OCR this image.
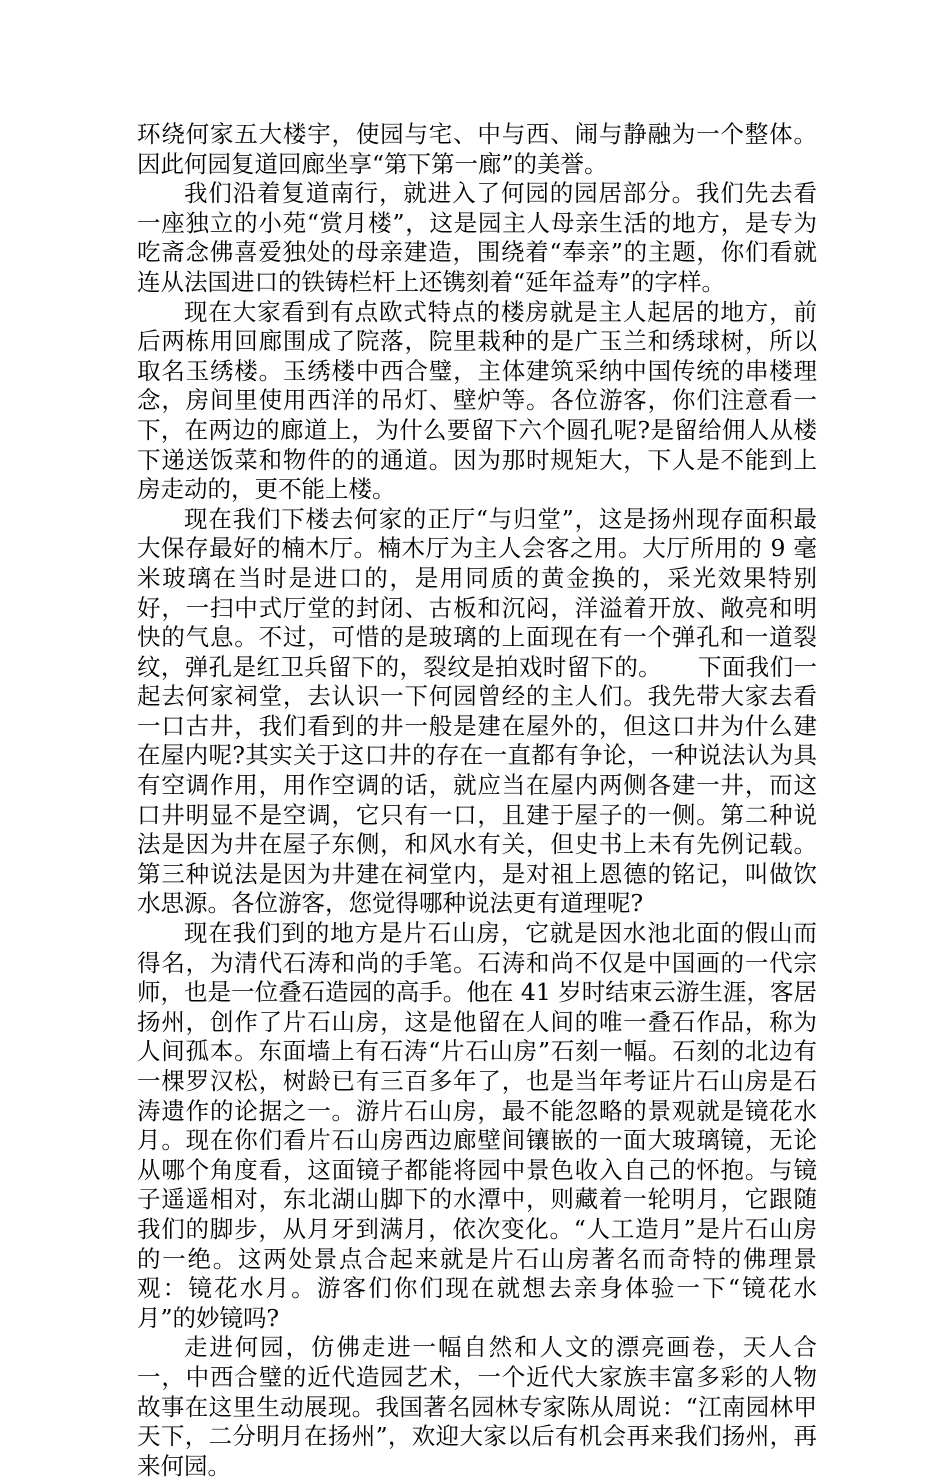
环绕何家五大楼宇，使园与宅、中与西、闹与静融为一个整体。因此何园复道回廊坐享“第下第一廊”的美誉。

我们沿着复道南行，就进入了何园的园居部分。我们先去看一座独立的小苑“赏月楼”，这是园主人母亲生活的地方，是专为吃斋念佛喜爱独处的母亲建造，围绕着“奉亲”的主题，你们看就连从法国进口的铁铸栏杆上还镌刻着“延年益寿”的字样。

现在大家看到有点欧式特点的楼房就是主人起居的地方，前后两栋用回廊围成了院落，院里栽种的是广玉兰和绣球树，所以取名玉绣楼。玉绣楼中西合璧，主体建筑采纳中国传统的串楼理念，房间里使用西洋的吊灯、壁炉等。各位游客，你们注意看一下，在两边的廊道上，为什么要留下六个圆孔呢?是留给佣人从楼下递送饭菜和物件的的通道。因为那时规矩大，下人是不能到上房走动的，更不能上楼。

现在我们下楼去何家的正厅“与归堂”，这是扬州现存面积最大保存最好的楠木厅。楠木厅为主人会客之用。大厅所用的 9 毫米玻璃在当时是进口的，是用同质的黄金换的，采光效果特别好，一扫中式厅堂的封闭、古板和沉闷，洋溢着开放、敞亮和明快的气息。不过，可惜的是玻璃的上面现在有一个弹孔和一道裂纹，弹孔是红卫兵留下的，裂纹是拍戏时留下的。　　下面我们一起去何家祠堂，去认识一下何园曾经的主人们。我先带大家去看一口古井，我们看到的井一般是建在屋外的，但这口井为什么建在屋内呢?其实关于这口井的存在一直都有争论，一种说法认为具有空调作用，用作空调的话，就应当在屋内两侧各建一井，而这口井明显不是空调，它只有一口，且建于屋子的一侧。第二种说法是因为井在屋子东侧，和风水有关，但史书上未有先例记载。第三种说法是因为井建在祠堂内，是对祖上恩德的铭记，叫做饮水思源。各位游客，您觉得哪种说法更有道理呢?

现在我们到的地方是片石山房，它就是因水池北面的假山而得名，为清代石涛和尚的手笔。石涛和尚不仅是中国画的一代宗师，也是一位叠石造园的高手。他在 41 岁时结束云游生涯，客居扬州，创作了片石山房，这是他留在人间的唯一叠石作品，称为人间孤本。东面墙上有石涛“片石山房”石刻一幅。石刻的北边有一棵罗汉松，树龄已有三百多年了，也是当年考证片石山房是石涛遗作的论据之一。游片石山房，最不能忽略的景观就是镜花水月。现在你们看片石山房西边廊壁间镶嵌的一面大玻璃镜，无论从哪个角度看，这面镜子都能将园中景色收入自己的怀抱。与镜子遥遥相对，东北湖山脚下的水潭中，则藏着一轮明月，它跟随我们的脚步，从月牙到满月，依次变化。“人工造月”是片石山房的一绝。这两处景点合起来就是片石山房著名而奇特的佛理景观：镜花水月。游客们你们现在就想去亲身体验一下“镜花水月”的妙镜吗?

走进何园，仿佛走进一幅自然和人文的漂亮画卷，天人合一，中西合璧的近代造园艺术，一个近代大家族丰富多彩的人物故事在这里生动展现。我国著名园林专家陈从周说：“江南园林甲天下，二分明月在扬州”，欢迎大家以后有机会再来我们扬州，再来何园。
